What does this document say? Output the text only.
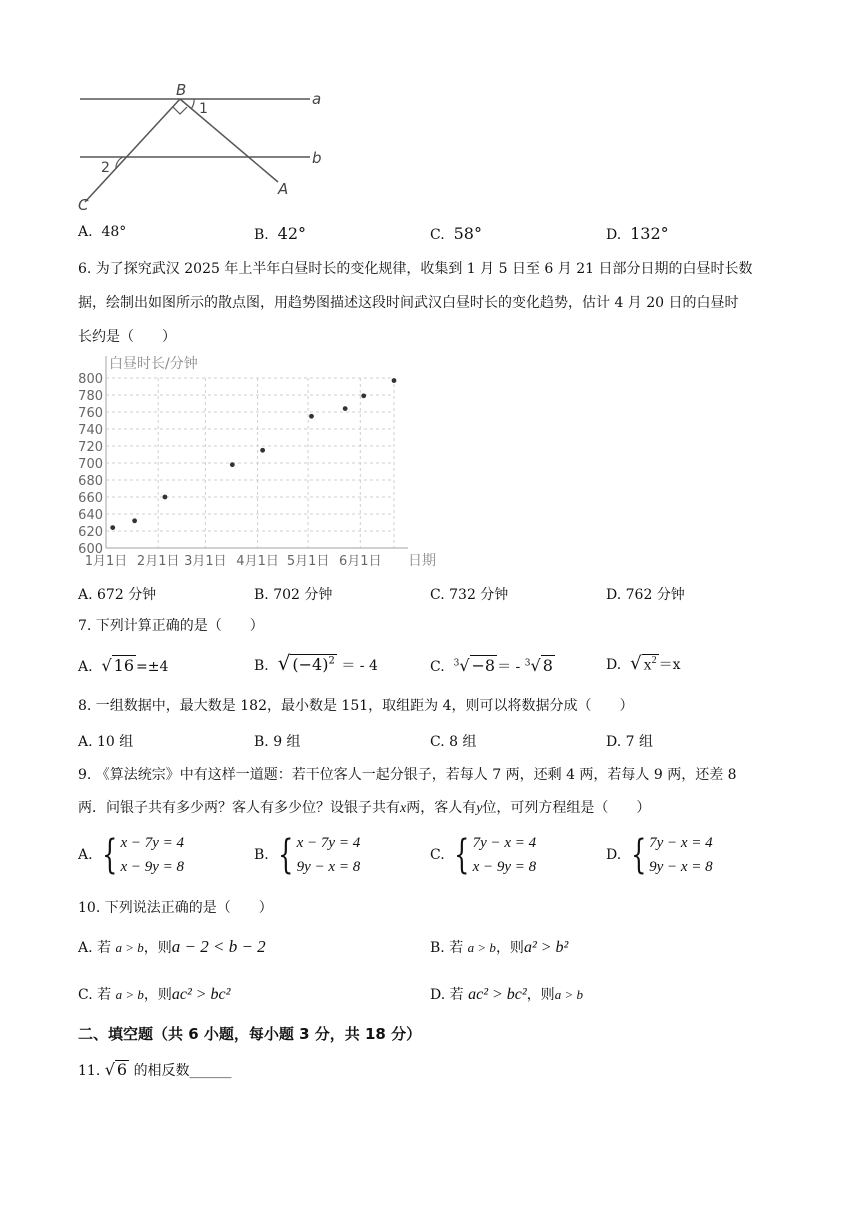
B	a
b
A
C
1
2
A. 48°	B. 42°	C. 58°	D. 132°
6. 为了探究武汉 2025 年上半年白昼时长的变化规律，收集到 1 月 5 日至 6 月 21 日部分日期的白昼时长数
据，绘制出如图所示的散点图，用趋势图描述这段时间武汉白昼时长的变化趋势，估计 4 月 20 日的白昼时
长约是（　　）
600
620
640
660
680
700
720
740
760
780
800
1月1日 2月1日 3月1日 4月1日 5月1日 6月1日
白昼时长/分钟
日期
A. 672 分钟	B. 702 分钟	C. 732 分钟	D. 762 分钟
7. 下列计算正确的是（　　）
A. √ 16 =±4	B. √ $(-4)^2$ ＝ - 4	C. $^3$√ −8 ＝ - $^3$√ 8	D. √ $x^2 =x$
8. 一组数据中，最大数是 182，最小数是 151，取组距为 4，则可以将数据分成（　　）
A. 10 组	B. 9 组	C. 8 组	D. 7 组
9. 《算法统宗》中有这样一道题：若干位客人一起分银子，若每人 7 两，还剩 4 两，若每人 9 两，还差 8
两．问银子共有多少两？客人有多少位？设银子共有x两，客人有y位，可列方程组是（　　）
A.
{ x − 7y = 4
x − 9y = 8
B.
{ x − 7y = 4
9y − x = 8
C.
{ 7y − x = 4
x − 9y = 8
D.
{ 7y − x = 4
9y − x = 8
10. 下列说法正确的是（　　）
A. 若 a > b，则a − 2 < b − 2	B. 若 a > b，则a² > b²
C. 若 a > b，则ac² > bc²	D. 若 ac² > bc²，则a > b
二、填空题（共 6 小题，每小题 3 分，共 18 分）
11. √ 6 的相反数______
